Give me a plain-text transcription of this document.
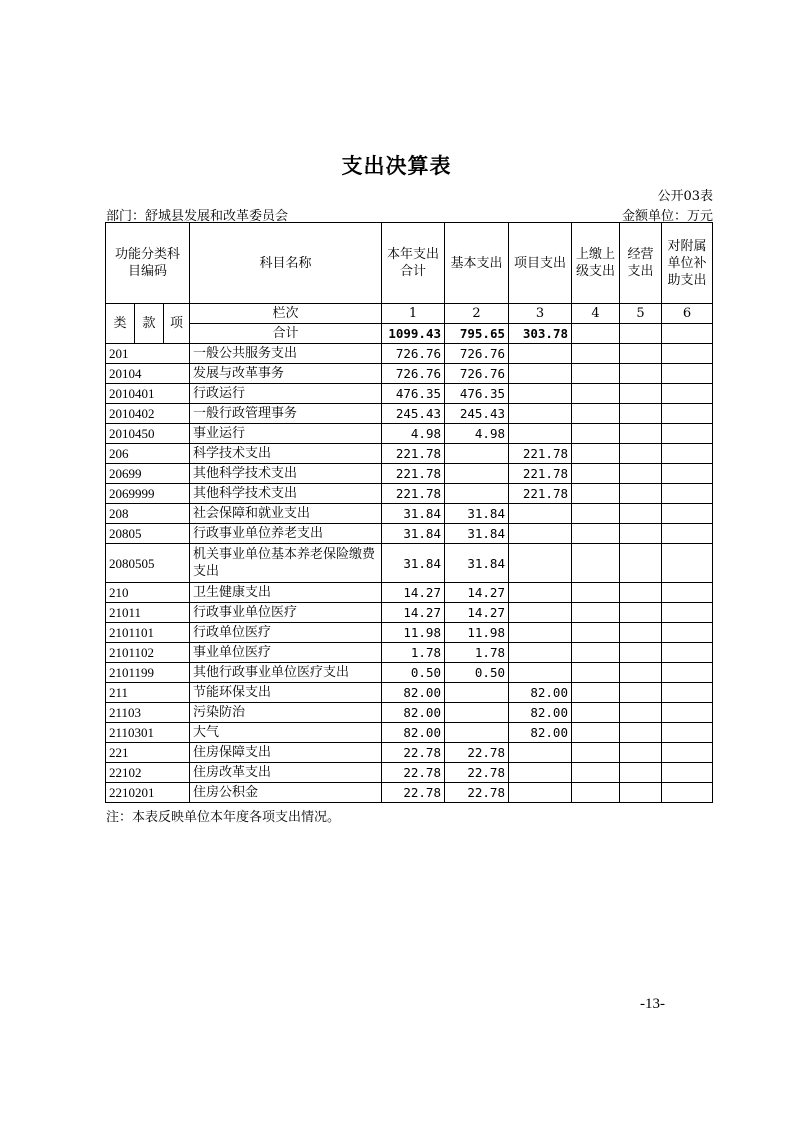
支出决算表
公开03表
部门：舒城县发展和改革委员会	金额单位：万元
功能分类科目编码			科目名称	本年支出合计	基本支出	项目支出	上缴上级支出	经营支出	对附属单位补助支出
类	款	项	栏次	1	2	3	4	5	6
			合计	1099.43	795.65	303.78			
201			一般公共服务支出	726.76	726.76				
20104			发展与改革事务	726.76	726.76				
2010401			行政运行	476.35	476.35				
2010402			一般行政管理事务	245.43	245.43				
2010450			事业运行	4.98	4.98				
206			科学技术支出	221.78		221.78			
20699			其他科学技术支出	221.78		221.78			
2069999			其他科学技术支出	221.78		221.78			
208			社会保障和就业支出	31.84	31.84				
20805			行政事业单位养老支出	31.84	31.84				
2080505			机关事业单位基本养老保险缴费支出	31.84	31.84				
210			卫生健康支出	14.27	14.27				
21011			行政事业单位医疗	14.27	14.27				
2101101			行政单位医疗	11.98	11.98				
2101102			事业单位医疗	1.78	1.78				
2101199			其他行政事业单位医疗支出	0.50	0.50				
211			节能环保支出	82.00		82.00			
21103			污染防治	82.00		82.00			
2110301			大气	82.00		82.00			
221			住房保障支出	22.78	22.78				
22102			住房改革支出	22.78	22.78				
2210201			住房公积金	22.78	22.78				
注：本表反映单位本年度各项支出情况。
-13-
